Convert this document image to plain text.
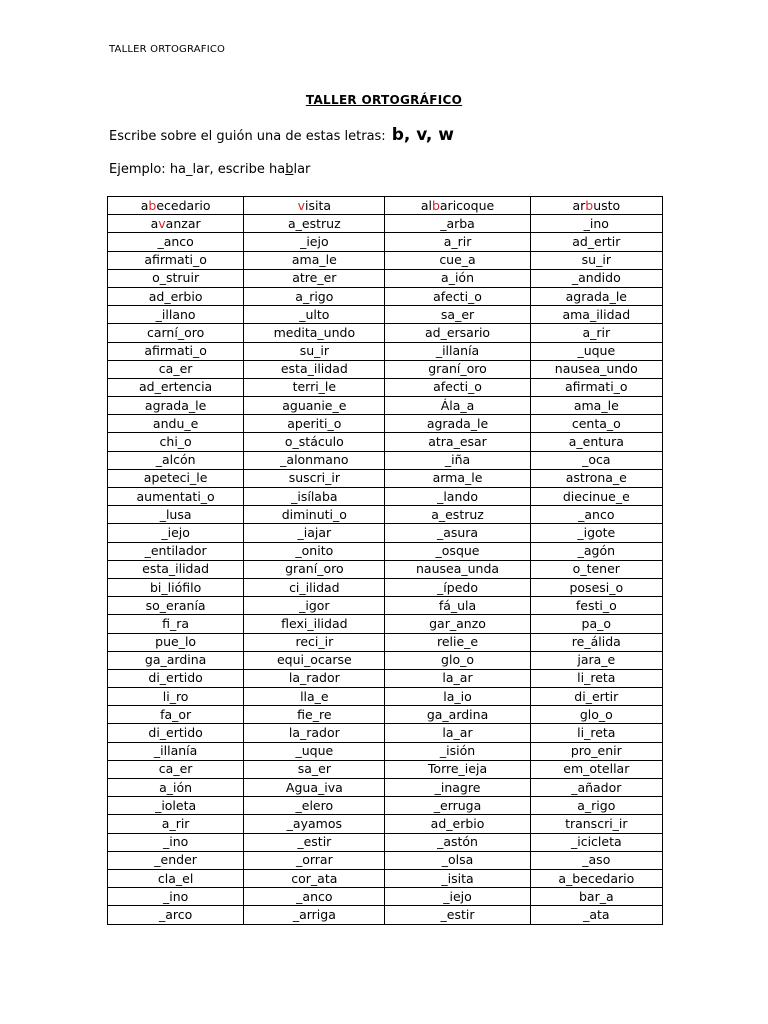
TALLER ORTOGRAFICO
TALLER ORTOGRÁFICO
Escribe sobre el guión una de estas letras: b, v, w
Ejemplo: ha_lar, escribe hablar
abecedario	visita	albaricoque	arbusto
avanzar	a_estruz	_arba	_ino
_anco	_iejo	a_rir	ad_ertir
afirmati_o	ama_le	cue_a	su_ir
o_struir	atre_er	a_ión	_andido
ad_erbio	a_rigo	afecti_o	agrada_le
_illano	_ulto	sa_er	ama_ilidad
carní_oro	medita_undo	ad_ersario	a_rir
afirmati_o	su_ir	_illanía	_uque
ca_er	esta_ilidad	graní_oro	nausea_undo
ad_ertencia	terri_le	afecti_o	afirmati_o
agrada_le	aguanie_e	Ála_a	ama_le
andu_e	aperiti_o	agrada_le	centa_o
chi_o	o_stáculo	atra_esar	a_entura
_alcón	_alonmano	_iña	_oca
apeteci_le	suscri_ir	arma_le	astrona_e
aumentati_o	_isílaba	_lando	diecinue_e
_lusa	diminuti_o	a_estruz	_anco
_iejo	_iajar	_asura	_igote
_entilador	_onito	_osque	_agón
esta_ilidad	graní_oro	nausea_unda	o_tener
bi_liófilo	ci_ilidad	_ípedo	posesi_o
so_eranía	_igor	fá_ula	festi_o
fi_ra	flexi_ilidad	gar_anzo	pa_o
pue_lo	reci_ir	relie_e	re_álida
ga_ardina	equi_ocarse	glo_o	jara_e
di_ertido	la_rador	la_ar	li_reta
li_ro	lla_e	la_io	di_ertir
fa_or	fie_re	ga_ardina	glo_o
di_ertido	la_rador	la_ar	li_reta
_illanía	_uque	_isión	pro_enir
ca_er	sa_er	Torre_ieja	em_otellar
a_ión	Agua_iva	_inagre	_añador
_ioleta	_elero	_erruga	a_rigo
a_rir	_ayamos	ad_erbio	transcri_ir
_ino	_estir	_astón	_icicleta
_ender	_orrar	_olsa	_aso
cla_el	cor_ata	_isita	a_becedario
_ino	_anco	_iejo	bar_a
_arco	_arriga	_estir	_ata
